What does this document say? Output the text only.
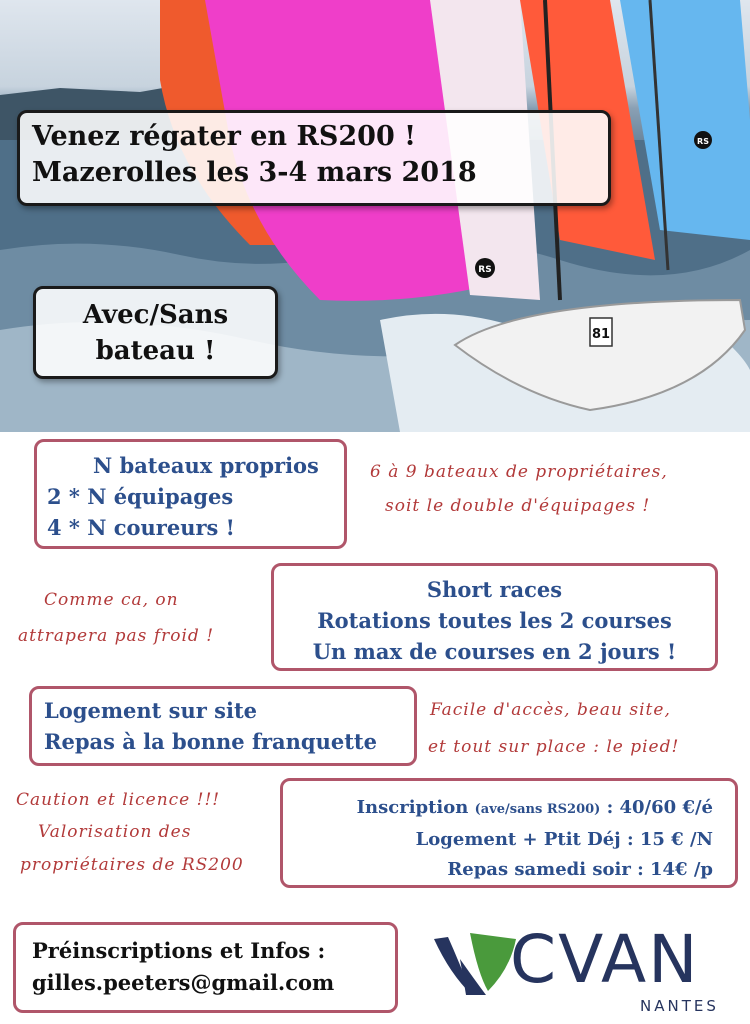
81
RS
RS
Venez régater en RS200 !
Mazerolles les 3-4 mars 2018
Avec/Sans
bateau !
N bateaux proprios
2 * N équipages
4 * N coureurs !
6 à 9 bateaux de propriétaires,
soit le double d'équipages !
Short races
Rotations toutes les 2 courses
Un max de courses en 2 jours !
Comme ca, on
attrapera pas froid !
Logement sur site
Repas à la bonne franquette
Facile d'accès, beau site,
et tout sur place : le pied!
Inscription (ave/sans RS200) : 40/60 €/é
Logement + Ptit Déj : 15 € /N
Repas samedi soir : 14€ /p
Caution et licence !!!
Valorisation des
propriétaires de RS200
Préinscriptions et Infos :
gilles.peeters@gmail.com	CVAN
NANTES
